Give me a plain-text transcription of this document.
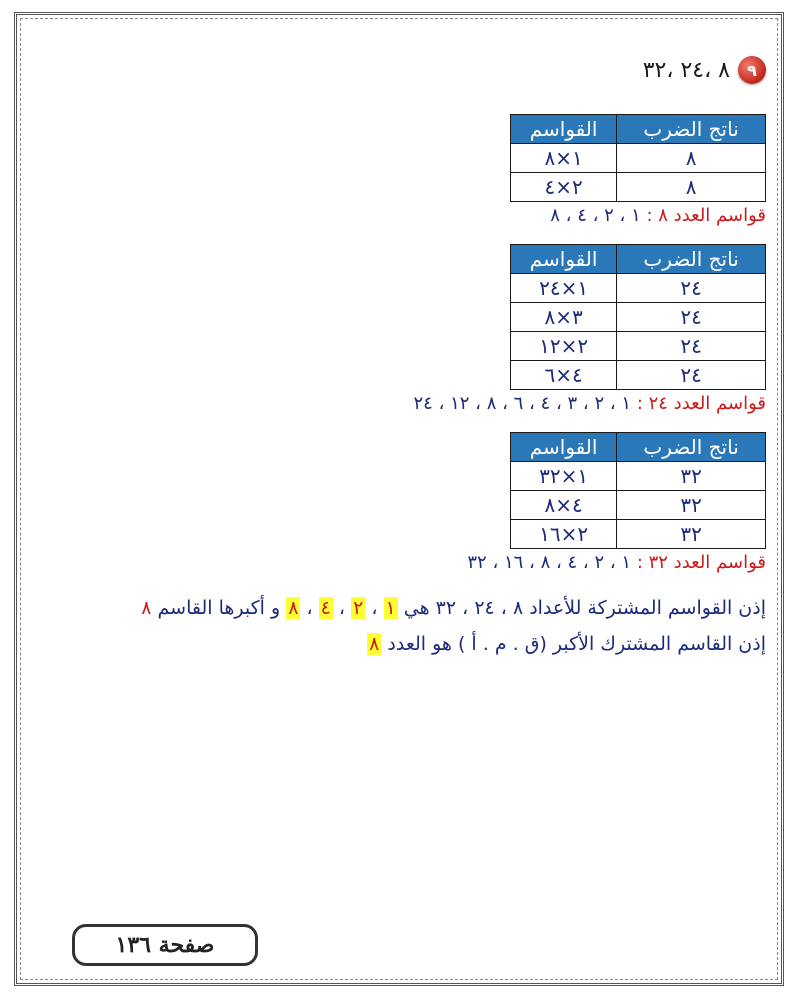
٩
٨ ،٢٤ ،٣٢
ناتج الضرب	القواسم
٨	١×٨
٨	٢×٤
قواسم العدد ٨ : ١ ، ٢ ، ٤ ، ٨
ناتج الضرب	القواسم
٢٤	١×٢٤
٢٤	٣×٨
٢٤	٢×١٢
٢٤	٤×٦
قواسم العدد ٢٤ : ١ ، ٢ ، ٣ ، ٤ ، ٦ ، ٨ ، ١٢ ، ٢٤
ناتج الضرب	القواسم
٣٢	١×٣٢
٣٢	٤×٨
٣٢	٢×١٦
قواسم العدد ٣٢ : ١ ، ٢ ، ٤ ، ٨ ، ١٦ ، ٣٢
إذن القواسم المشتركة للأعداد ٨ ، ٢٤ ، ٣٢ هي ١ ، ٢ ، ٤ ، ٨ و أكبرها القاسم ٨
إذن القاسم المشترك الأكبر (ق . م . أ ) هو العدد ٨
صفحة ١٣٦
